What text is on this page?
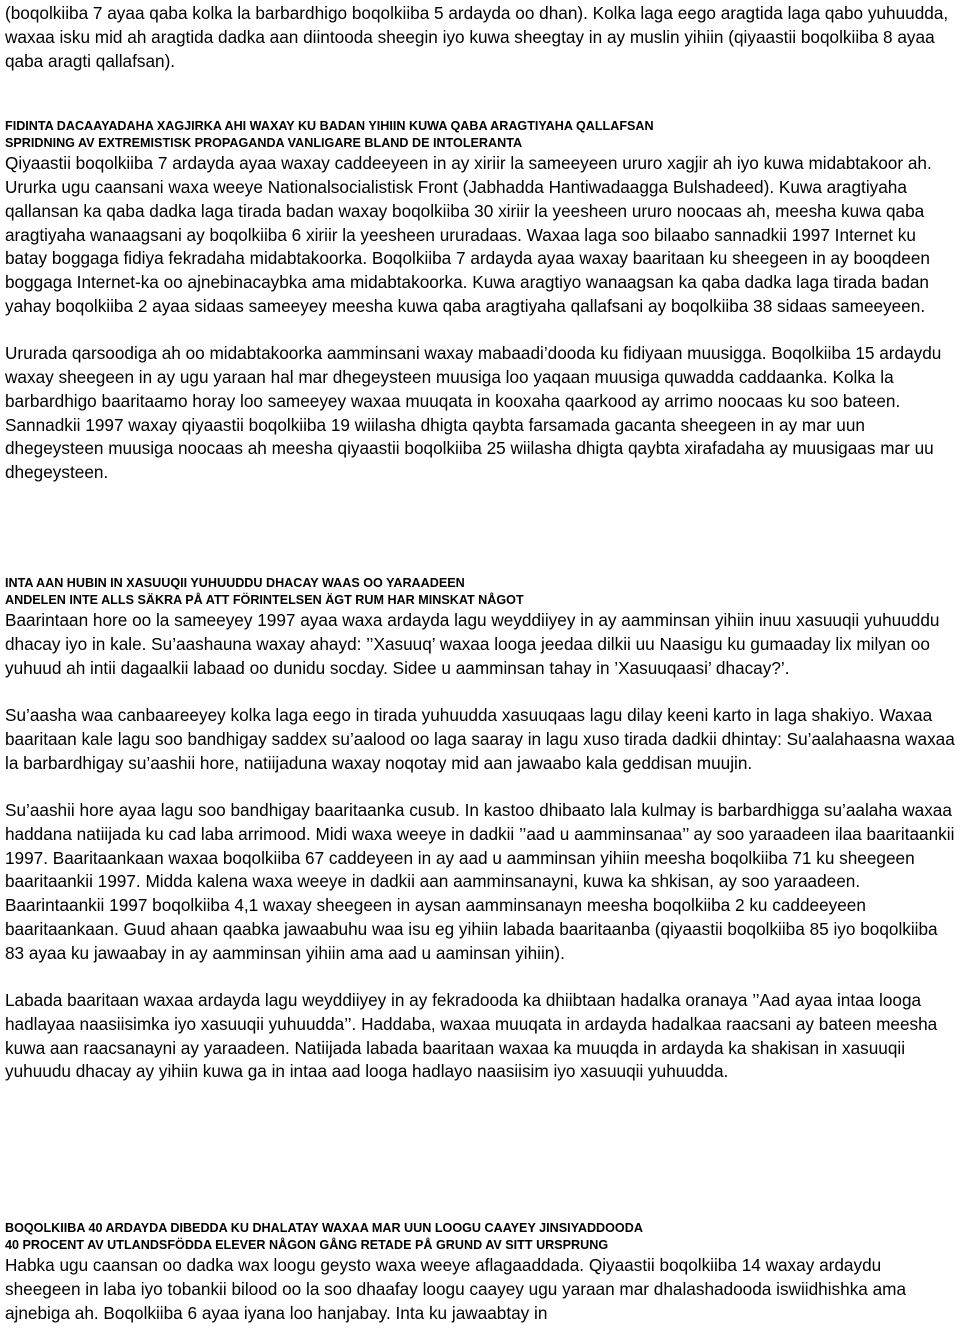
(boqolkiiba 7 ayaa qaba kolka la barbardhigo boqolkiiba 5 ardayda oo dhan). Kolka laga eego aragtida laga qabo yuhuudda, waxaa isku mid ah aragtida dadka aan diintooda sheegin iyo kuwa sheegtay in ay muslin yihiin (qiyaastii boqolkiiba 8 ayaa qaba aragti qallafsan).

FIDINTA DACAAYADAHA XAGJIRKA AHI WAXAY KU BADAN YIHIIN KUWA QABA ARAGTIYAHA QALLAFSAN
SPRIDNING AV EXTREMISTISK PROPAGANDA VANLIGARE BLAND DE INTOLERANTA

Qiyaastii boqolkiiba 7 ardayda ayaa waxay caddeeyeen in ay xiriir la sameeyeen ururo xagjir ah iyo kuwa midabtakoor ah. Ururka ugu caansani waxa weeye Nationalsocialistisk Front (Jabhadda Hantiwadaagga Bulshadeed). Kuwa aragtiyaha qallansan ka qaba dadka laga tirada badan waxay boqolkiiba 30 xiriir la yeesheen ururo noocaas ah, meesha kuwa qaba aragtiyaha wanaagsani ay boqolkiiba 6 xiriir la yeesheen ururadaas. Waxaa laga soo bilaabo sannadkii 1997 Internet ku batay boggaga fidiya fekradaha midabtakoorka. Boqolkiiba 7 ardayda ayaa waxay baaritaan ku sheegeen in ay booqdeen boggaga Internet-ka oo ajnebinacaybka ama midabtakoorka. Kuwa aragtiyo wanaagsan ka qaba dadka laga tirada badan yahay boqolkiiba 2 ayaa sidaas sameeyey meesha kuwa qaba aragtiyaha qallafsani ay boqolkiiba 38 sidaas sameeyeen.

Ururada qarsoodiga ah oo midabtakoorka aamminsani waxay mabaadi’dooda ku fidiyaan muusigga. Boqolkiiba 15 ardaydu waxay sheegeen in ay ugu yaraan hal mar dhegeysteen muusiga loo yaqaan muusiga quwadda caddaanka. Kolka la barbardhigo baaritaamo horay loo sameeyey waxaa muuqata in kooxaha qaarkood ay arrimo noocaas ku soo bateen. Sannadkii 1997 waxay qiyaastii boqolkiiba 19 wiilasha dhigta qaybta farsamada gacanta sheegeen in ay mar uun dhegeysteen muusiga noocaas ah meesha qiyaastii boqolkiiba 25 wiilasha dhigta qaybta xirafadaha ay muusigaas mar uu dhegeysteen.

INTA AAN HUBIN IN XASUUQII YUHUUDDU DHACAY WAAS OO YARAADEEN
ANDELEN INTE ALLS SÄKRA PÅ ATT FÖRINTELSEN ÄGT RUM HAR MINSKAT NÅGOT

Baarintaan hore oo la sameeyey 1997 ayaa waxa ardayda lagu weyddiiyey in ay aamminsan yihiin inuu xasuuqii yuhuuddu dhacay iyo in kale. Su’aashauna waxay ahayd: ’’Xasuuq’ waxaa looga jeedaa dilkii uu Naasigu ku gumaaday lix milyan oo yuhuud ah intii dagaalkii labaad oo dunidu socday. Sidee u aamminsan tahay in ’Xasuuqaasi’ dhacay?’.

Su’aasha waa canbaareeyey kolka laga eego in tirada yuhuudda xasuuqaas lagu dilay keeni karto in laga shakiyo. Waxaa baaritaan kale lagu soo bandhigay saddex su’aalood oo laga saaray in lagu xuso tirada dadkii dhintay: Su’aalahaasna waxaa la barbardhigay su’aashii hore, natiijaduna waxay noqotay mid aan jawaabo kala geddisan muujin.

Su’aashii hore ayaa lagu soo bandhigay baaritaanka cusub. In kastoo dhibaato lala kulmay is barbardhigga su’aalaha waxaa haddana natiijada ku cad laba arrimood. Midi waxa weeye in dadkii ’’aad u aamminsanaa’’ ay soo yaraadeen ilaa baaritaankii 1997. Baaritaankaan waxaa boqolkiiba 67 caddeyeen in ay aad u aamminsan yihiin meesha boqolkiiba 71 ku sheegeen baaritaankii 1997. Midda kalena waxa weeye in dadkii aan aamminsanayni, kuwa ka shkisan, ay soo yaraadeen. Baarintaankii 1997 boqolkiiba 4,1 waxay sheegeen in aysan aamminsanayn meesha boqolkiiba 2 ku caddeeyeen baaritaankaan. Guud ahaan qaabka jawaabuhu waa isu eg yihiin labada baaritaanba (qiyaastii boqolkiiba 85 iyo boqolkiiba 83 ayaa ku jawaabay in ay aamminsan yihiin ama aad u aaminsan yihiin).

Labada baaritaan waxaa ardayda lagu weyddiiyey in ay fekradooda ka dhiibtaan hadalka oranaya ’’Aad ayaa intaa looga hadlayaa naasiisimka iyo xasuuqii yuhuudda’’. Haddaba, waxaa muuqata in ardayda hadalkaa raacsani ay bateen meesha kuwa aan raacsanayni ay yaraadeen. Natiijada labada baaritaan waxaa ka muuqda in ardayda ka shakisan in xasuuqii yuhuudu dhacay ay yihiin kuwa ga in intaa aad looga hadlayo naasiisim iyo xasuuqii yuhuudda.

BOQOLKIIBA 40 ARDAYDA DIBEDDA KU DHALATAY WAXAA MAR UUN LOOGU CAAYEY JINSIYADDOODA
40 PROCENT AV UTLANDSFÖDDA ELEVER NÅGON GÅNG RETADE PÅ GRUND AV SITT URSPRUNG

Habka ugu caansan oo dadka wax loogu geysto waxa weeye aflagaaddada. Qiyaastii boqolkiiba 14 waxay ardaydu sheegeen in laba iyo tobankii bilood oo la soo dhaafay loogu caayey ugu yaraan mar dhalashadooda iswiidhishka ama ajnebiga ah. Boqolkiiba 6 ayaa iyana loo hanjabay. Inta ku jawaabtay in
